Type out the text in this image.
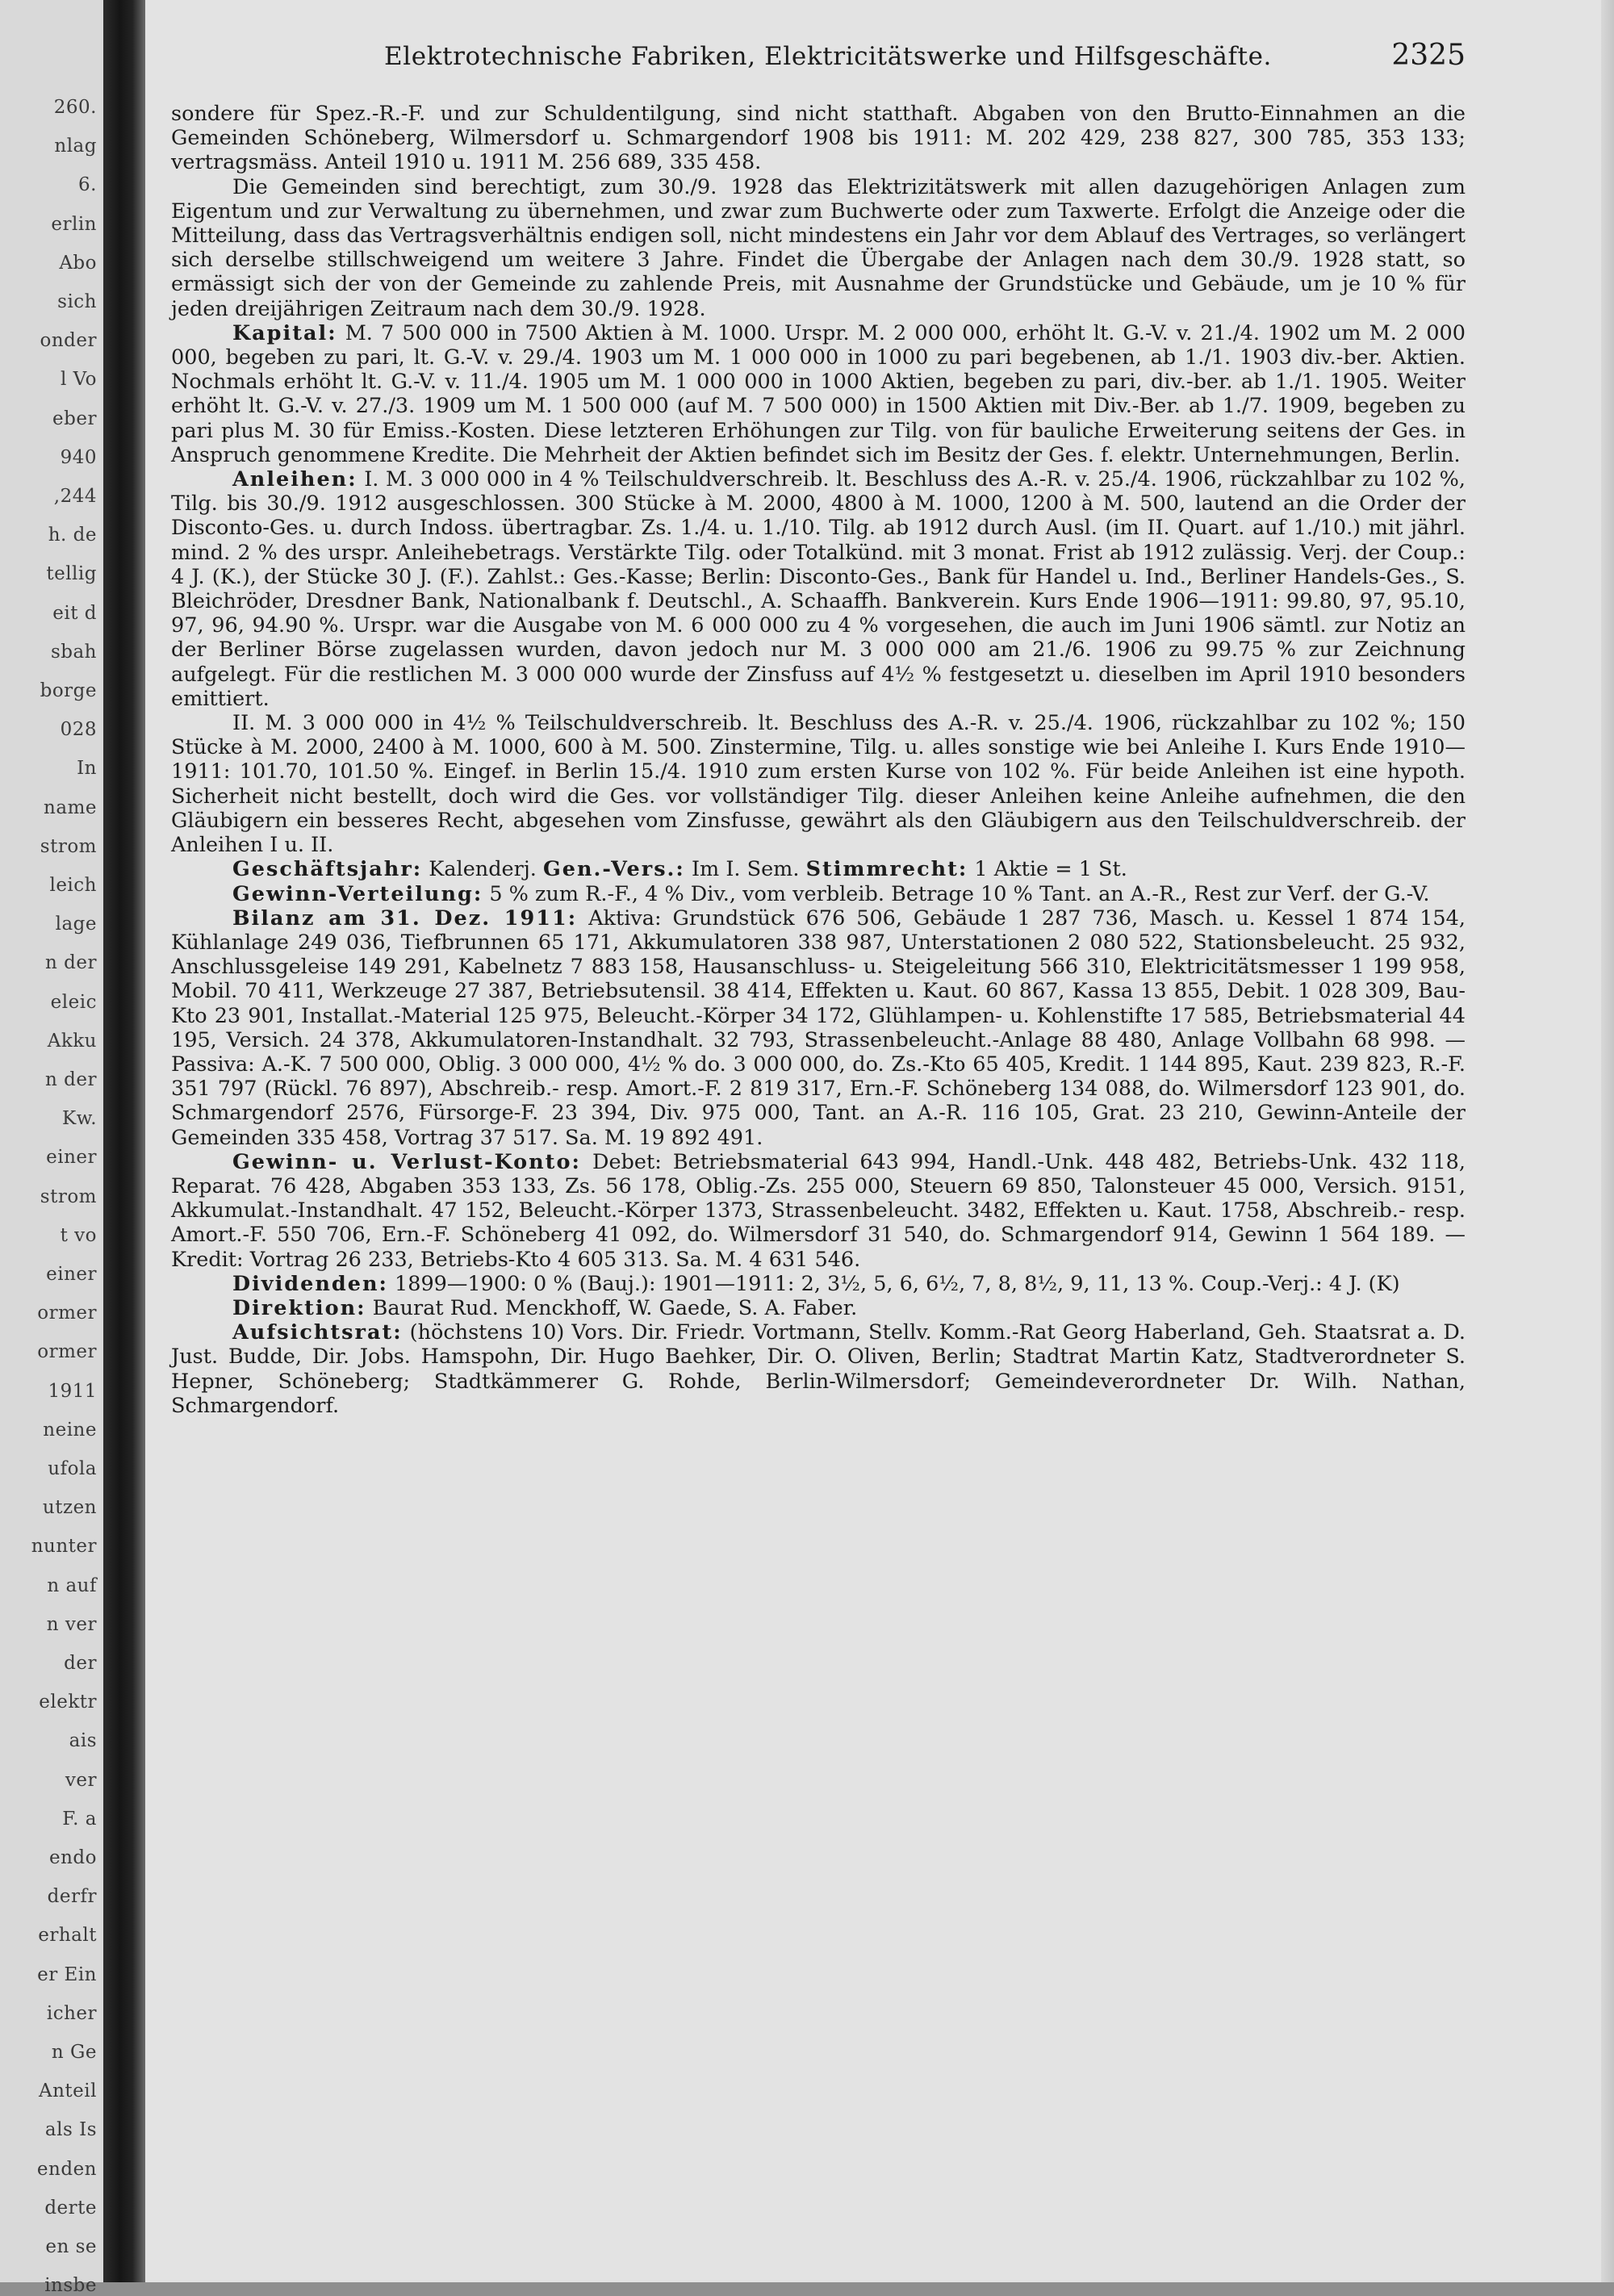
260.
nlag
6.
erlin
Abo
sich
onder
l Vo
eber
940
,244
h. de
tellig
eit d
sbah
borge
028
In
name
strom
leich
lage
n der
eleic
Akku
n der
Kw.
einer
strom
t vo
einer
ormer
ormer
1911
neine
ufola
utzen
nunter
n auf
n ver
der
elektr
ais
ver
F. a
endo
derfr
erhalt
er Ein
icher
n Ge
Anteil
als Is
enden
derte
en se
insbe
Elektrotechnische Fabriken, Elektricitätswerke und Hilfsgeschäfte.	2325

sondere für Spez.-R.-F. und zur Schuldentilgung, sind nicht statthaft. Abgaben von den Brutto-Einnahmen an die Gemeinden Schöneberg, Wilmersdorf u. Schmargendorf 1908 bis 1911: M. 202 429, 238 827, 300 785, 353 133; vertragsmäss. Anteil 1910 u. 1911 M. 256 689, 335 458.

Die Gemeinden sind berechtigt, zum 30./9. 1928 das Elektrizitätswerk mit allen dazugehörigen Anlagen zum Eigentum und zur Verwaltung zu übernehmen, und zwar zum Buchwerte oder zum Taxwerte. Erfolgt die Anzeige oder die Mitteilung, dass das Vertragsverhältnis endigen soll, nicht mindestens ein Jahr vor dem Ablauf des Vertrages, so verlängert sich derselbe stillschweigend um weitere 3 Jahre. Findet die Übergabe der Anlagen nach dem 30./9. 1928 statt, so ermässigt sich der von der Gemeinde zu zahlende Preis, mit Ausnahme der Grundstücke und Gebäude, um je 10 % für jeden dreijährigen Zeitraum nach dem 30./9. 1928.

Kapital: M. 7 500 000 in 7500 Aktien à M. 1000. Urspr. M. 2 000 000, erhöht lt. G.-V. v. 21./4. 1902 um M. 2 000 000, begeben zu pari, lt. G.-V. v. 29./4. 1903 um M. 1 000 000 in 1000 zu pari begebenen, ab 1./1. 1903 div.-ber. Aktien. Nochmals erhöht lt. G.-V. v. 11./4. 1905 um M. 1 000 000 in 1000 Aktien, begeben zu pari, div.-ber. ab 1./1. 1905. Weiter erhöht lt. G.-V. v. 27./3. 1909 um M. 1 500 000 (auf M. 7 500 000) in 1500 Aktien mit Div.-Ber. ab 1./7. 1909, begeben zu pari plus M. 30 für Emiss.-Kosten. Diese letzteren Erhöhungen zur Tilg. von für bauliche Erweiterung seitens der Ges. in Anspruch genommene Kredite. Die Mehrheit der Aktien befindet sich im Besitz der Ges. f. elektr. Unternehmungen, Berlin.

Anleihen: I. M. 3 000 000 in 4 % Teilschuldverschreib. lt. Beschluss des A.-R. v. 25./4. 1906, rückzahlbar zu 102 %, Tilg. bis 30./9. 1912 ausgeschlossen. 300 Stücke à M. 2000, 4800 à M. 1000, 1200 à M. 500, lautend an die Order der Disconto-Ges. u. durch Indoss. übertragbar. Zs. 1./4. u. 1./10. Tilg. ab 1912 durch Ausl. (im II. Quart. auf 1./10.) mit jährl. mind. 2 % des urspr. Anleihebetrags. Verstärkte Tilg. oder Totalkünd. mit 3 monat. Frist ab 1912 zulässig. Verj. der Coup.: 4 J. (K.), der Stücke 30 J. (F.). Zahlst.: Ges.-Kasse; Berlin: Disconto-Ges., Bank für Handel u. Ind., Berliner Handels-Ges., S. Bleichröder, Dresdner Bank, Nationalbank f. Deutschl., A. Schaaffh. Bankverein. Kurs Ende 1906—1911: 99.80, 97, 95.10, 97, 96, 94.90 %. Urspr. war die Ausgabe von M. 6 000 000 zu 4 % vorgesehen, die auch im Juni 1906 sämtl. zur Notiz an der Berliner Börse zugelassen wurden, davon jedoch nur M. 3 000 000 am 21./6. 1906 zu 99.75 % zur Zeichnung aufgelegt. Für die restlichen M. 3 000 000 wurde der Zinsfuss auf 4½ % festgesetzt u. dieselben im April 1910 besonders emittiert.

II. M. 3 000 000 in 4½ % Teilschuldverschreib. lt. Beschluss des A.-R. v. 25./4. 1906, rückzahlbar zu 102 %; 150 Stücke à M. 2000, 2400 à M. 1000, 600 à M. 500. Zinstermine, Tilg. u. alles sonstige wie bei Anleihe I. Kurs Ende 1910—1911: 101.70, 101.50 %. Eingef. in Berlin 15./4. 1910 zum ersten Kurse von 102 %. Für beide Anleihen ist eine hypoth. Sicherheit nicht bestellt, doch wird die Ges. vor vollständiger Tilg. dieser Anleihen keine Anleihe aufnehmen, die den Gläubigern ein besseres Recht, abgesehen vom Zinsfusse, gewährt als den Gläubigern aus den Teilschuldverschreib. der Anleihen I u. II.

Geschäftsjahr: Kalenderj. Gen.-Vers.: Im I. Sem. Stimmrecht: 1 Aktie = 1 St.

Gewinn-Verteilung: 5 % zum R.-F., 4 % Div., vom verbleib. Betrage 10 % Tant. an A.-R., Rest zur Verf. der G.-V.

Bilanz am 31. Dez. 1911: Aktiva: Grundstück 676 506, Gebäude 1 287 736, Masch. u. Kessel 1 874 154, Kühlanlage 249 036, Tiefbrunnen 65 171, Akkumulatoren 338 987, Unterstationen 2 080 522, Stationsbeleucht. 25 932, Anschlussgeleise 149 291, Kabelnetz 7 883 158, Hausanschluss- u. Steigeleitung 566 310, Elektricitätsmesser 1 199 958, Mobil. 70 411, Werkzeuge 27 387, Betriebsutensil. 38 414, Effekten u. Kaut. 60 867, Kassa 13 855, Debit. 1 028 309, Bau-Kto 23 901, Installat.-Material 125 975, Beleucht.-Körper 34 172, Glühlampen- u. Kohlenstifte 17 585, Betriebsmaterial 44 195, Versich. 24 378, Akkumulatoren-Instandhalt. 32 793, Strassenbeleucht.-Anlage 88 480, Anlage Vollbahn 68 998. — Passiva: A.-K. 7 500 000, Oblig. 3 000 000, 4½ % do. 3 000 000, do. Zs.-Kto 65 405, Kredit. 1 144 895, Kaut. 239 823, R.-F. 351 797 (Rückl. 76 897), Abschreib.- resp. Amort.-F. 2 819 317, Ern.-F. Schöneberg 134 088, do. Wilmersdorf 123 901, do. Schmargendorf 2576, Fürsorge-F. 23 394, Div. 975 000, Tant. an A.-R. 116 105, Grat. 23 210, Gewinn-Anteile der Gemeinden 335 458, Vortrag 37 517. Sa. M. 19 892 491.

Gewinn- u. Verlust-Konto: Debet: Betriebsmaterial 643 994, Handl.-Unk. 448 482, Betriebs-Unk. 432 118, Reparat. 76 428, Abgaben 353 133, Zs. 56 178, Oblig.-Zs. 255 000, Steuern 69 850, Talonsteuer 45 000, Versich. 9151, Akkumulat.-Instandhalt. 47 152, Beleucht.-Körper 1373, Strassenbeleucht. 3482, Effekten u. Kaut. 1758, Abschreib.- resp. Amort.-F. 550 706, Ern.-F. Schöneberg 41 092, do. Wilmersdorf 31 540, do. Schmargendorf 914, Gewinn 1 564 189. — Kredit: Vortrag 26 233, Betriebs-Kto 4 605 313. Sa. M. 4 631 546.

Dividenden: 1899—1900: 0 % (Bauj.): 1901—1911: 2, 3½, 5, 6, 6½, 7, 8, 8½, 9, 11, 13 %. Coup.-Verj.: 4 J. (K)

Direktion: Baurat Rud. Menckhoff, W. Gaede, S. A. Faber.

Aufsichtsrat: (höchstens 10) Vors. Dir. Friedr. Vortmann, Stellv. Komm.-Rat Georg Haberland, Geh. Staatsrat a. D. Just. Budde, Dir. Jobs. Hamspohn, Dir. Hugo Baehker, Dir. O. Oliven, Berlin; Stadtrat Martin Katz, Stadtverordneter S. Hepner, Schöneberg; Stadtkämmerer G. Rohde, Berlin-Wilmersdorf; Gemeindeverordneter Dr. Wilh. Nathan, Schmargendorf.
